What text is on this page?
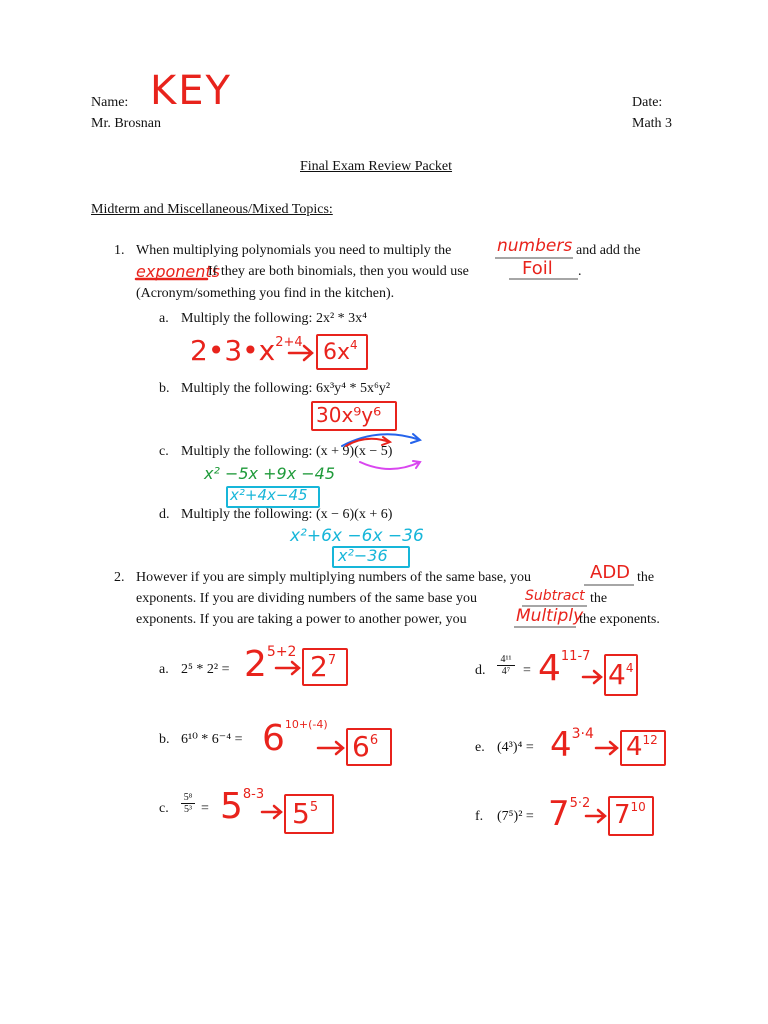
Name: KEY
Mr. Brosnan
Date:
Math 3
Final Exam Review Packet
Midterm and Miscellaneous/Mixed Topics:
1. When multiplying polynomials you need to multiply the	numbers and add the
exponents
If they are both binomials, then you would use	Foil .
(Acronym/something you find in the kitchen).
a. Multiply the following: 2x² * 3x⁴
$2•3•x^{2+4}$ $6x^4$
b. Multiply the following: 6x³y⁴ * 5x⁶y²
30x⁹y⁶
c. Multiply the following: (x + 9)(x − 5)
x² −5x +9x −45
x²+4x−45
d. Multiply the following: (x − 6)(x + 6)
x²+6x −6x −36
x²−36
2. However if you are simply multiplying numbers of the same base, you	ADD the
exponents. If you are dividing numbers of the same base you	Subtract the
exponents. If you are taking a power to another power, you	Multiply
the exponents.
a. $2^5 * 2^2 = 2^{5+2}$ $2^7$
b. $6^{10} * 6^{-4} = 6^{10+(-4)}$
$6^6$
c. $\frac{\text{5⁸}}{\text{5³}} = 5^{8-3}$
$5^5$
d. $\frac{\text{4¹¹}}{\text{4⁷}} = 4^{11-7}$
$4^4$
e. $(4^3)^4 = 4^{3\cdot 4}$ $4^{12}$
f. $(7^5)^2 = 7^{5\cdot 2}$ $7^{10}$
